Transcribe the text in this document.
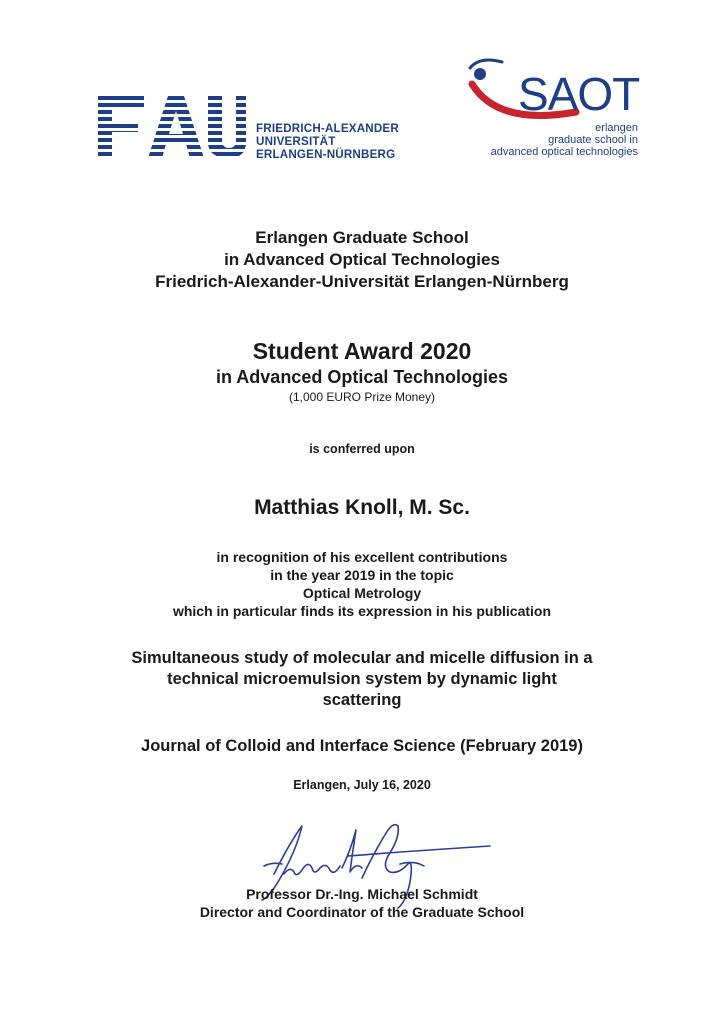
FRIEDRICH-ALEXANDER
UNIVERSITÄT
ERLANGEN-NÜRNBERG
SAOT
erlangen
graduate school in
advanced optical technologies
Erlangen Graduate School
in Advanced Optical Technologies
Friedrich-Alexander-Universität Erlangen-Nürnberg
Student Award 2020
in Advanced Optical Technologies
(1,000 EURO Prize Money)
is conferred upon
Matthias Knoll, M. Sc.
in recognition of his excellent contributions
in the year 2019 in the topic
Optical Metrology
which in particular finds its expression in his publication
Simultaneous study of molecular and micelle diffusion in a
technical microemulsion system by dynamic light
scattering
Journal of Colloid and Interface Science (February 2019)
Erlangen, July 16, 2020
Professor Dr.-Ing. Michael Schmidt
Director and Coordinator of the Graduate School
